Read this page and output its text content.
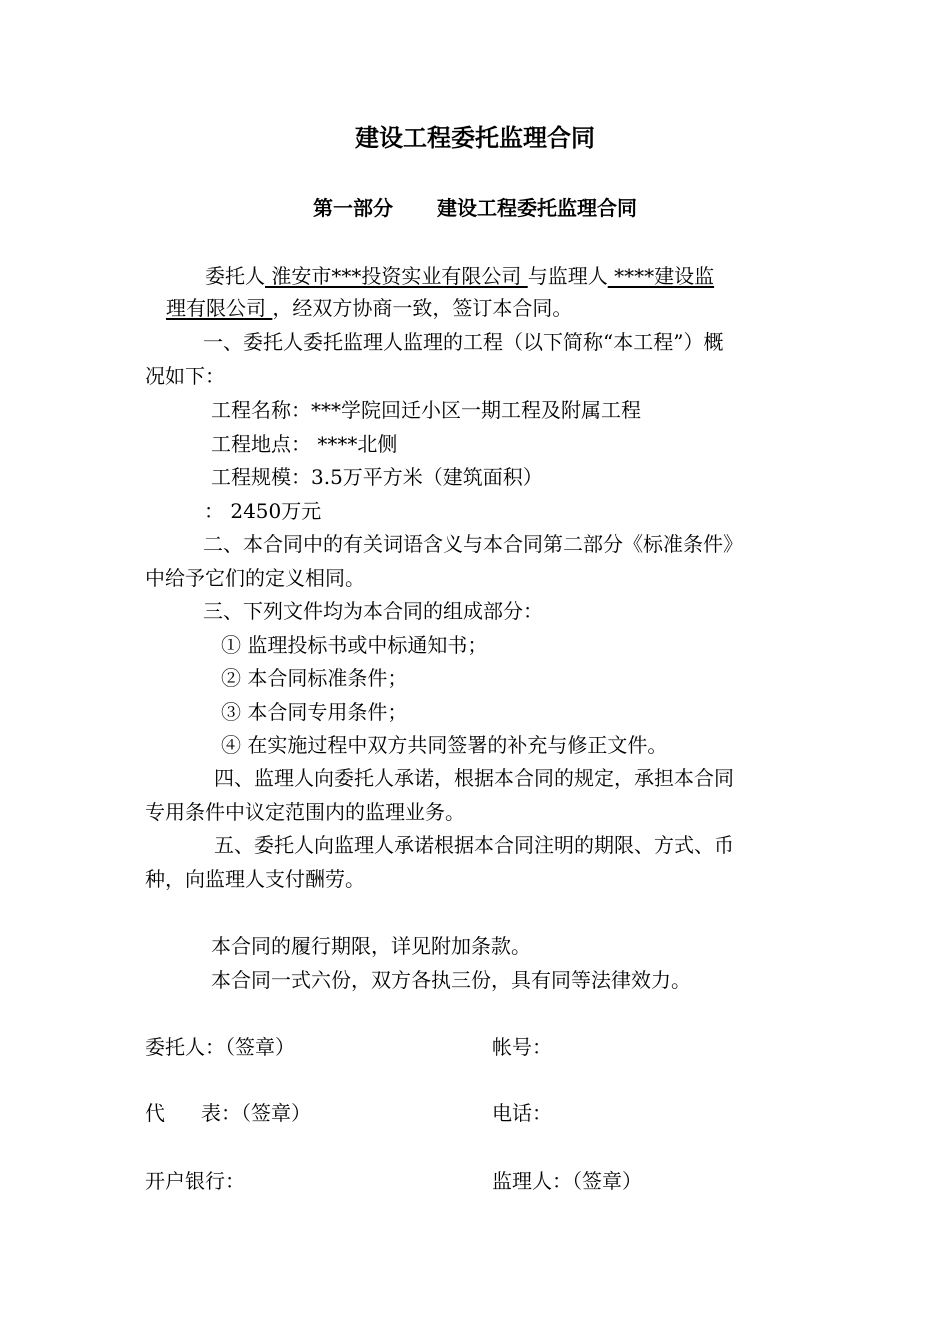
建设工程委托监理合同
第一部分 建设工程委托监理合同
委托人 淮安市***投资实业有限公司 与监理人 ****建设监
理有限公司 ，经双方协商一致，签订本合同。
一、委托人委托监理人监理的工程（以下简称“本工程”）概
况如下：
工程名称：***学院回迁小区一期工程及附属工程
工程地点： ****北侧
工程规模：3.5万平方米（建筑面积）
： 2450万元
二、本合同中的有关词语含义与本合同第二部分《标准条件》
中给予它们的定义相同。
三、下列文件均为本合同的组成部分：
① 监理投标书或中标通知书；
② 本合同标准条件；
③ 本合同专用条件；
④ 在实施过程中双方共同签署的补充与修正文件。
四、监理人向委托人承诺，根据本合同的规定，承担本合同
专用条件中议定范围内的监理业务。
五、委托人向监理人承诺根据本合同注明的期限、方式、币
种，向监理人支付酬劳。
本合同的履行期限，详见附加条款。
本合同一式六份，双方各执三份，具有同等法律效力。
委托人：（签章）	帐号：
代 表：（签章）	电话：
开户银行：	监理人：（签章）
